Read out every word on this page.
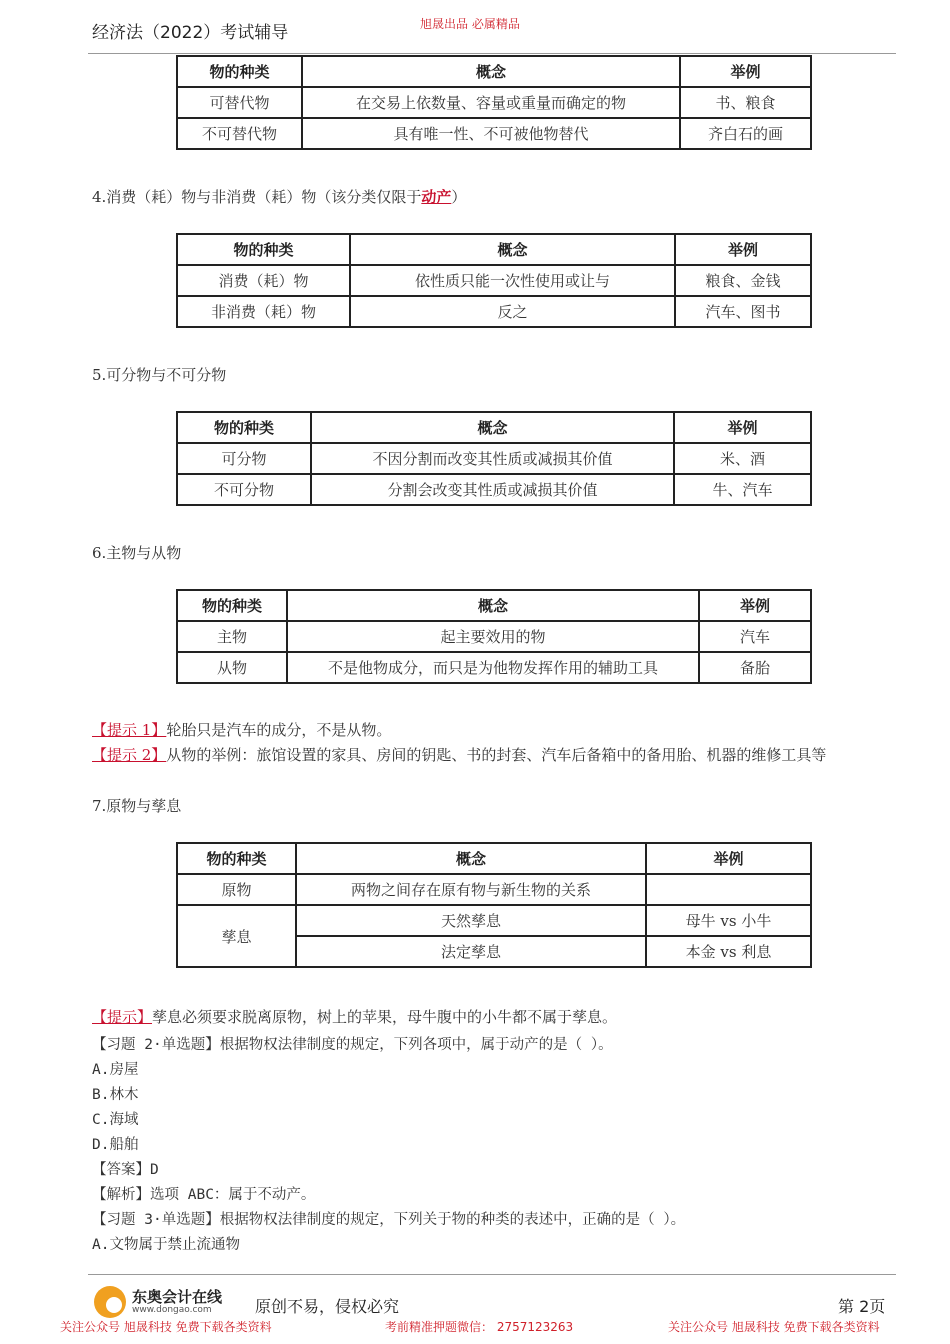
经济法（2022）考试辅导	旭晟出品 必属精品
物的种类	概念	举例
可替代物	在交易上依数量、容量或重量而确定的物	书、粮食
不可替代物	具有唯一性、不可被他物替代	齐白石的画
4.消费（耗）物与非消费（耗）物（该分类仅限于动产）
物的种类	概念	举例
消费（耗）物	依性质只能一次性使用或让与	粮食、金钱
非消费（耗）物	反之	汽车、图书
5.可分物与不可分物
物的种类	概念	举例
可分物	不因分割而改变其性质或减损其价值	米、酒
不可分物	分割会改变其性质或减损其价值	牛、汽车
6.主物与从物
物的种类	概念	举例
主物	起主要效用的物	汽车
从物	不是他物成分，而只是为他物发挥作用的辅助工具	备胎
【提示 1】轮胎只是汽车的成分，不是从物。
【提示 2】从物的举例：旅馆设置的家具、房间的钥匙、书的封套、汽车后备箱中的备用胎、机器的维修工具等
7.原物与孳息
物的种类	概念	举例
原物	两物之间存在原有物与新生物的关系	
孳息	天然孳息	母牛 vs 小牛
	法定孳息	本金 vs 利息
【提示】孳息必须要求脱离原物，树上的苹果，母牛腹中的小牛都不属于孳息。
【习题 2·单选题】根据物权法律制度的规定，下列各项中，属于动产的是（ ）。
A.房屋
B.林木
C.海域
D.船舶
【答案】D
【解析】选项 ABC：属于不动产。
【习题 3·单选题】根据物权法律制度的规定，下列关于物的种类的表述中，正确的是（ ）。
A.文物属于禁止流通物
东奥会计在线
www.dongao.com	原创不易，侵权必究	第 2页
关注公众号 旭晟科技 免费下载各类资料	考前精准押题微信： 2757123263	关注公众号 旭晟科技 免费下载各类资料
